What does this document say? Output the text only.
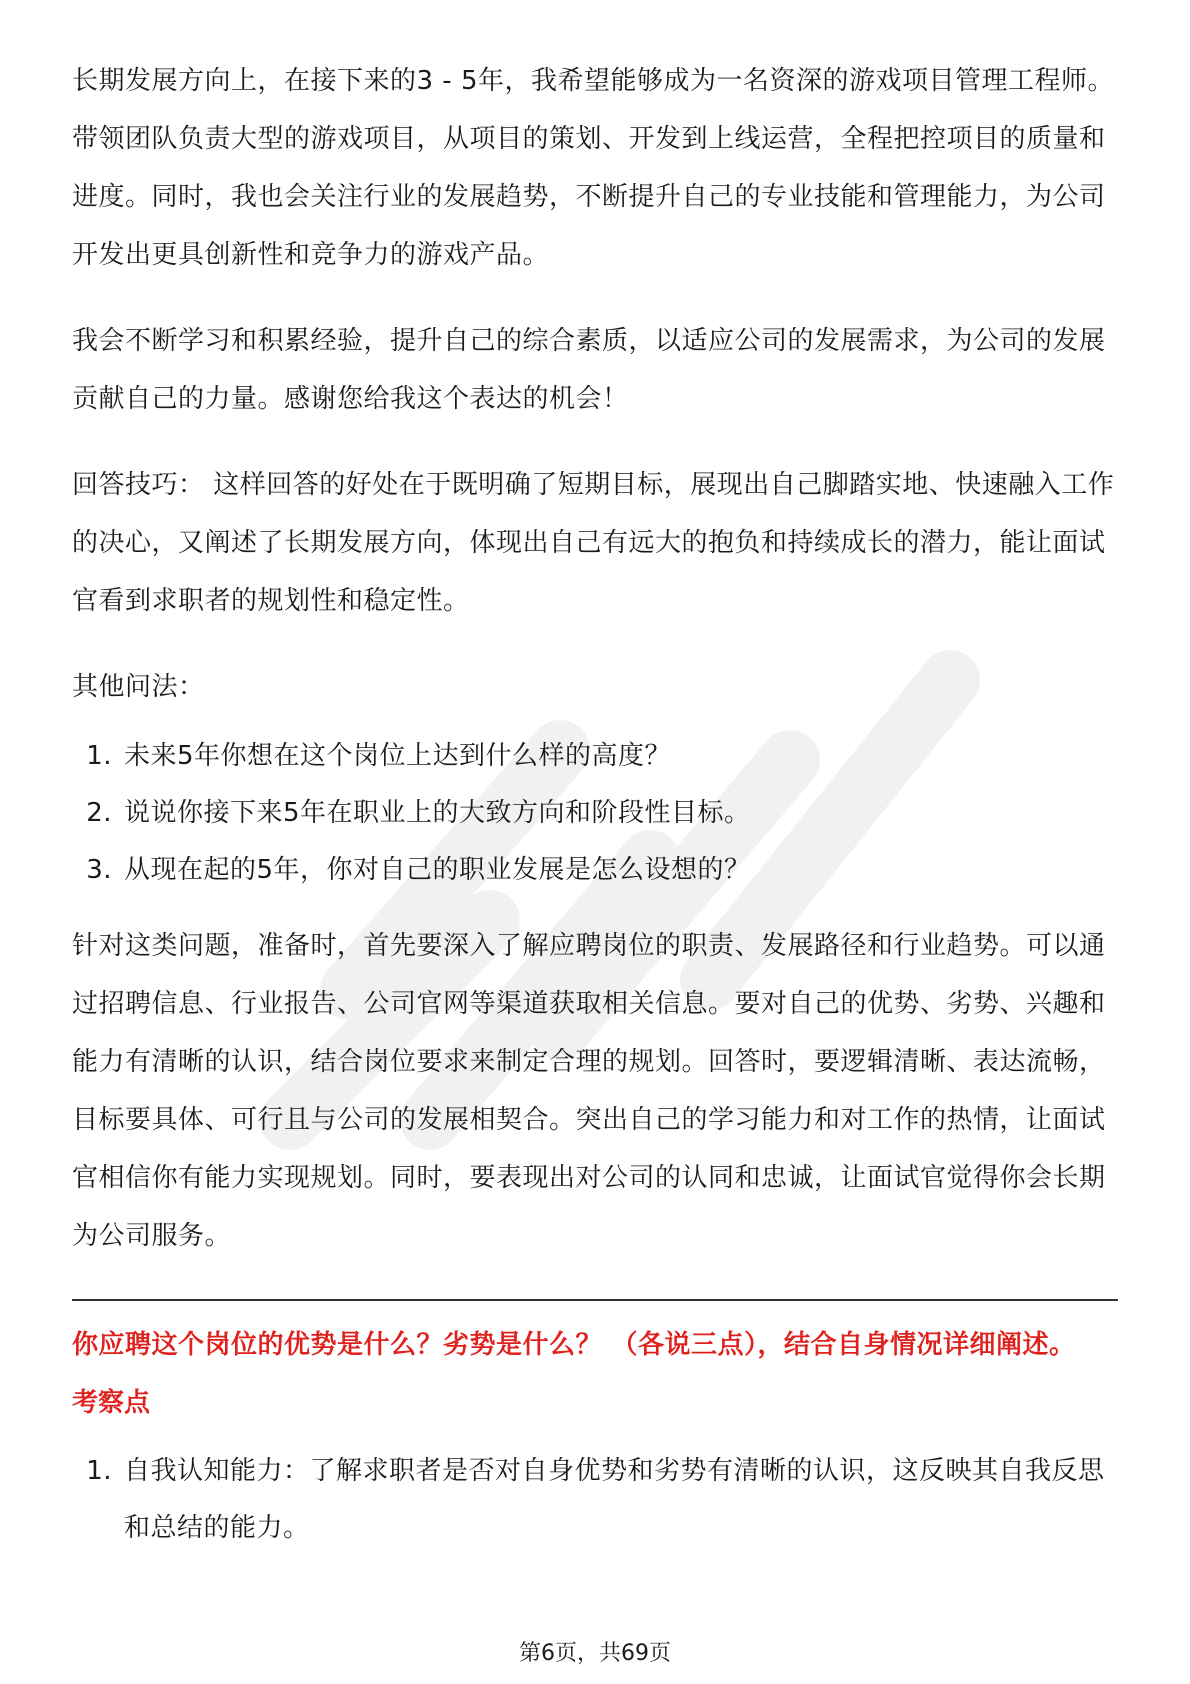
长期发展方向上，在接下来的3 - 5年，我希望能够成为一名资深的游戏项目管理工程师。带领团队负责大型的游戏项目，从项目的策划、开发到上线运营，全程把控项目的质量和进度。同时，我也会关注行业的发展趋势，不断提升自己的专业技能和管理能力，为公司开发出更具创新性和竞争力的游戏产品。

我会不断学习和积累经验，提升自己的综合素质，以适应公司的发展需求，为公司的发展贡献自己的力量。感谢您给我这个表达的机会！

回答技巧： 这样回答的好处在于既明确了短期目标，展现出自己脚踏实地、快速融入工作的决心，又阐述了长期发展方向，体现出自己有远大的抱负和持续成长的潜力，能让面试官看到求职者的规划性和稳定性。

其他问法：

1. 未来5年你想在这个岗位上达到什么样的高度？
2. 说说你接下来5年在职业上的大致方向和阶段性目标。
3. 从现在起的5年，你对自己的职业发展是怎么设想的？

针对这类问题，准备时，首先要深入了解应聘岗位的职责、发展路径和行业趋势。可以通过招聘信息、行业报告、公司官网等渠道获取相关信息。要对自己的优势、劣势、兴趣和能力有清晰的认识，结合岗位要求来制定合理的规划。回答时，要逻辑清晰、表达流畅，目标要具体、可行且与公司的发展相契合。突出自己的学习能力和对工作的热情，让面试官相信你有能力实现规划。同时，要表现出对公司的认同和忠诚，让面试官觉得你会长期为公司服务。

你应聘这个岗位的优势是什么？劣势是什么？ （各说三点），结合自身情况详细阐述。
考察点
1. 自我认知能力：了解求职者是否对自身优势和劣势有清晰的认识，这反映其自我反思和总结的能力。
第6页，共69页
